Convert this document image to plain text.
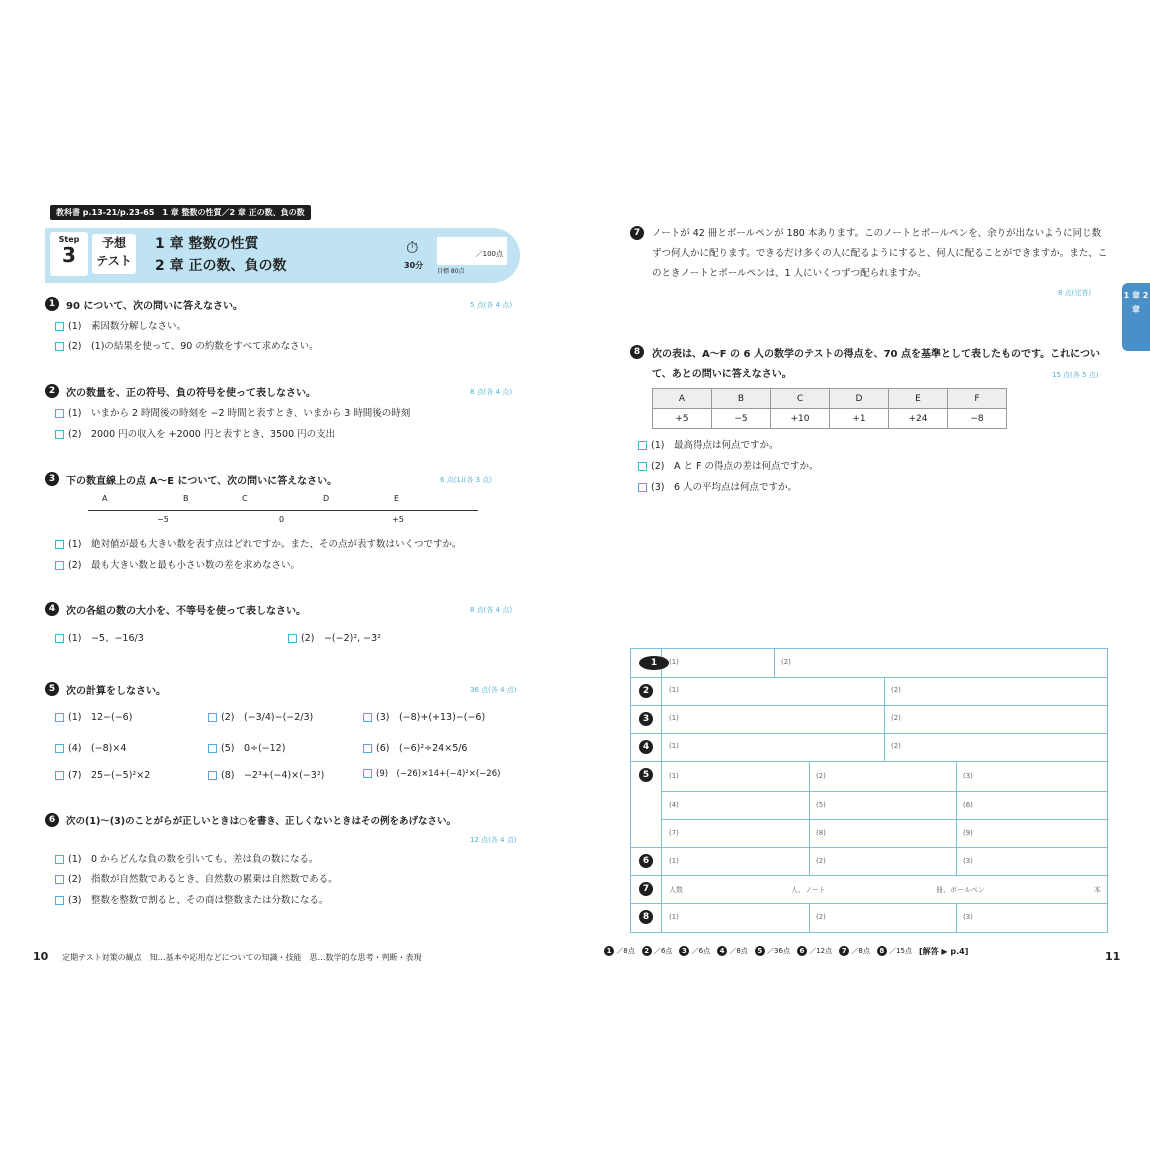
教科書 p.13-21/p.23-65　1 章 整数の性質／2 章 正の数、負の数
Step
3	予想
テスト
1 章 整数の性質
2 章 正の数、負の数
⏱
30分
／100点
目標 80点
1	90 について、次の問いに答えなさい。	5 点(各 4 点)
(1)　素因数分解しなさい。
(2)　(1)の結果を使って、90 の約数をすべて求めなさい。
2	次の数量を、正の符号、負の符号を使って表しなさい。	8 点(各 4 点)
(1)　いまから 2 時間後の時刻を −2 時間と表すとき、いまから 3 時間後の時刻
(2)　2000 円の収入を +2000 円と表すとき、3500 円の支出
3	下の数直線上の点 A〜E について、次の問いに答えなさい。	6 点(1)(各 3 点)
A	B	C	D	E
−5	0	+5
(1)　絶対値が最も大きい数を表す点はどれですか。また、その点が表す数はいくつですか。
(2)　最も大きい数と最も小さい数の差を求めなさい。
4	次の各組の数の大小を、不等号を使って表しなさい。	8 点(各 4 点)
(1)　−5、−16/3	(2)　−(−2)², −3²
5	次の計算をしなさい。	36 点(各 4 点)
(1)　12−(−6)	(2)　(−3/4)−(−2/3)	(3)　(−8)+(+13)−(−6)
(4)　(−8)×4	(5)　0÷(−12)	(6)　(−6)²÷24×5/6
(7)　25−(−5)²×2	(8)　−2³+(−4)×(−3²)	(9)　(−26)×14+(−4)²×(−26)
6	次の(1)〜(3)のことがらが正しいときは○を書き、正しくないときはその例をあげなさい。
12 点(各 4 点)
(1)　0 からどんな負の数を引いても、差は負の数になる。
(2)　指数が自然数であるとき、自然数の累乗は自然数である。
(3)　整数を整数で割ると、その商は整数または分数になる。
10 定期テスト対策の観点　知…基本や応用などについての知識・技能　思…数学的な思考・判断・表現
7	ノートが 42 冊とボールペンが 180 本あります。このノートとボールペンを、余りが出ないように同じ数ずつ何人かに配ります。できるだけ多くの人に配るようにすると、何人に配ることができますか。また、このときノートとボールペンは、1 人にいくつずつ配られますか。
8 点(完答)	1 章 2 章
8	次の表は、A〜F の 6 人の数学のテストの得点を、70 点を基準として表したものです。これについて、あとの問いに答えなさい。	15 点(各 5 点)
A	B	C	D	E	F
+5	−5	+10	+1	+24	−8
(1)　最高得点は何点ですか。
(2)　A と F の得点の差は何点ですか。
(3)　6 人の平均点は何点ですか。
1	(1)	(2)
2	(1)	(2)
3	(1)	(2)
4	(1)	(2)
5	(1)	(2)	(3)
(4)	(5)	(6)
(7)	(8)	(9)
6	(1)	(2)	(3)
7	人数	人、ノート	冊、ボールペン	本
8	(1)	(2)	(3)
1 ／8点	2 ／6点	3 ／6点	4 ／8点	5 ／36点	6 ／12点	7 ／8点	8 ／15点 [解答 ▶ p.4]	11
